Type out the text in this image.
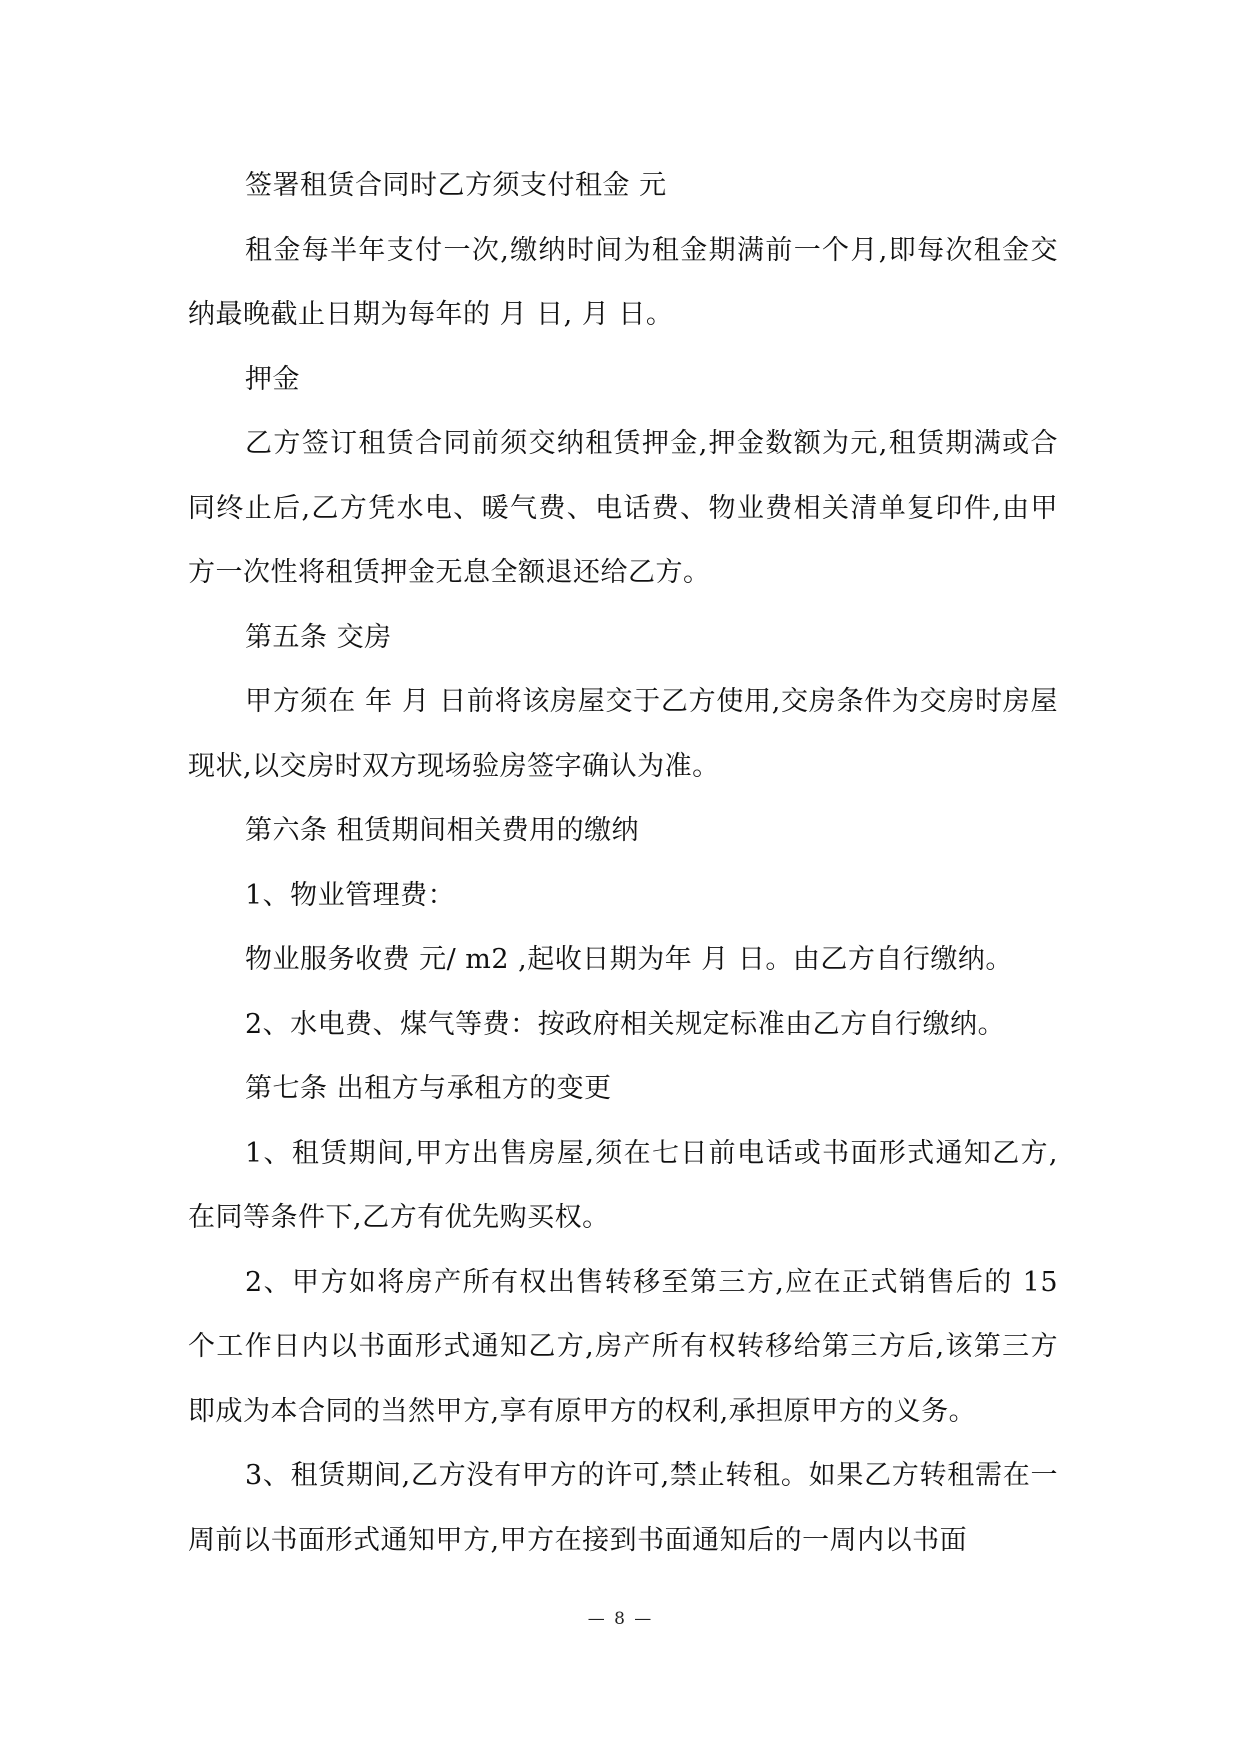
签署租赁合同时乙方须支付租金 元

租金每半年支付一次,缴纳时间为租金期满前一个月,即每次租金交纳最晚截止日期为每年的 月 日, 月 日。

押金

乙方签订租赁合同前须交纳租赁押金,押金数额为元,租赁期满或合同终止后,乙方凭水电、暖气费、电话费、物业费相关清单复印件,由甲方一次性将租赁押金无息全额退还给乙方。

第五条 交房

甲方须在 年 月 日前将该房屋交于乙方使用,交房条件为交房时房屋现状,以交房时双方现场验房签字确认为准。

第六条 租赁期间相关费用的缴纳

1、物业管理费：

物业服务收费 元/ m2 ,起收日期为年 月 日。由乙方自行缴纳。

2、水电费、煤气等费：按政府相关规定标准由乙方自行缴纳。

第七条 出租方与承租方的变更

1、租赁期间,甲方出售房屋,须在七日前电话或书面形式通知乙方,在同等条件下,乙方有优先购买权。

2、甲方如将房产所有权出售转移至第三方,应在正式销售后的 15 个工作日内以书面形式通知乙方,房产所有权转移给第三方后,该第三方即成为本合同的当然甲方,享有原甲方的权利,承担原甲方的义务。

3、租赁期间,乙方没有甲方的许可,禁止转租。如果乙方转租需在一周前以书面形式通知甲方,甲方在接到书面通知后的一周内以书面

— 8 —
